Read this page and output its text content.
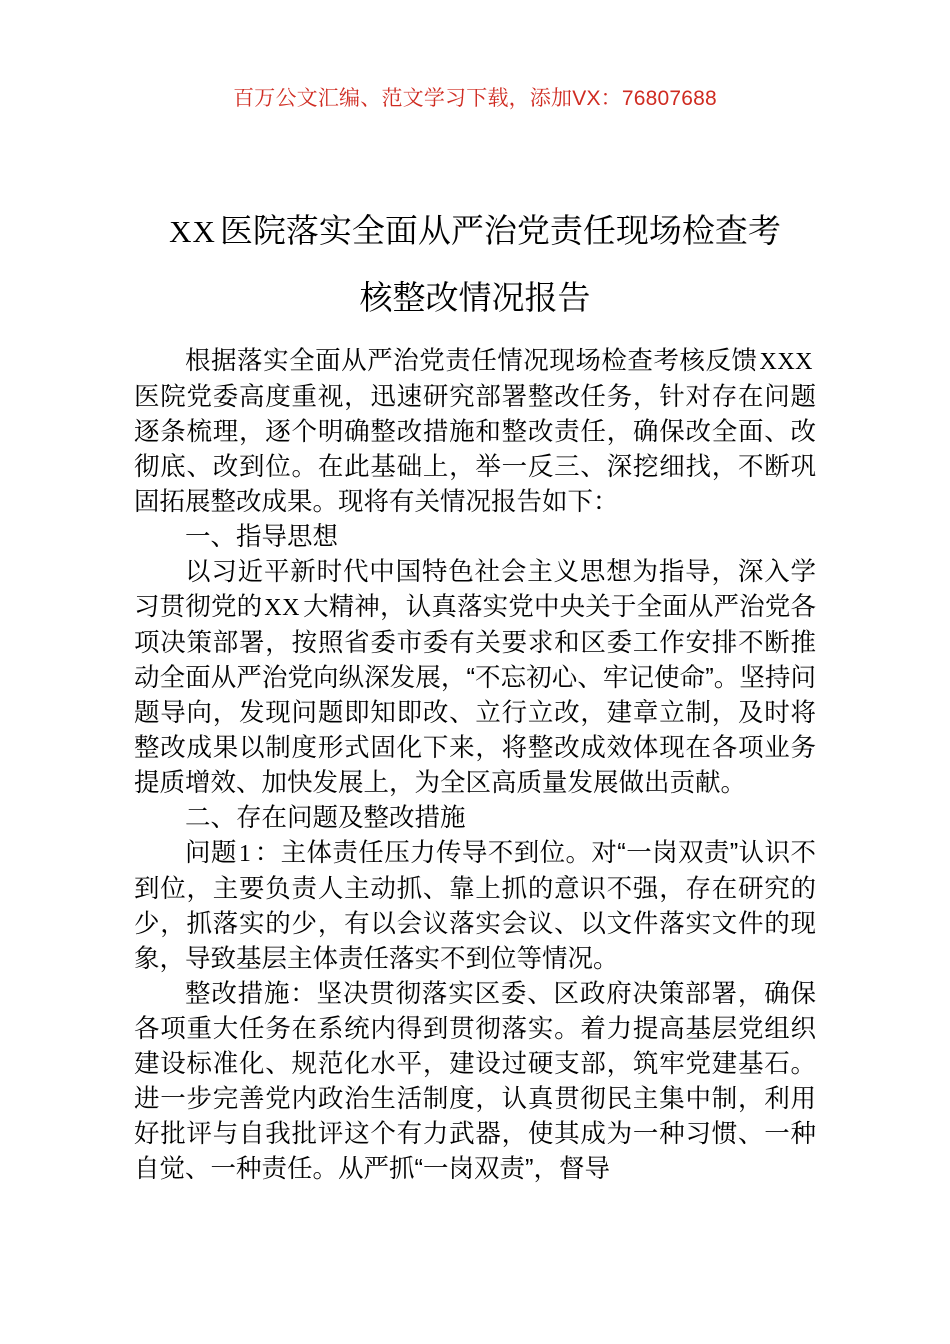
百万公文汇编、范文学习下载，添加VX：76807688
XX 医院落实全面从严治党责任现场检查考
核整改情况报告

根据落实全面从严治党责任情况现场检查考核反馈XXX医院党委高度重视，迅速研究部署整改任务，针对存在问题逐条梳理，逐个明确整改措施和整改责任，确保改全面、改彻底、改到位。在此基础上，举一反三、深挖细找，不断巩固拓展整改成果。现将有关情况报告如下：

一、指导思想

以习近平新时代中国特色社会主义思想为指导，深入学习贯彻党的XX 大精神，认真落实党中央关于全面从严治党各项决策部署，按照省委市委有关要求和区委工作安排不断推动全面从严治党向纵深发展，“不忘初心、牢记使命”。坚持问题导向，发现问题即知即改、立行立改，建章立制，及时将整改成果以制度形式固化下来，将整改成效体现在各项业务提质增效、加快发展上，为全区高质量发展做出贡献。

二、存在问题及整改措施

问题1 ：主体责任压力传导不到位。对“一岗双责”认识不到位，主要负责人主动抓、靠上抓的意识不强，存在研究的少，抓落实的少，有以会议落实会议、以文件落实文件的现象，导致基层主体责任落实不到位等情况。

整改措施：坚决贯彻落实区委、区政府决策部署，确保各项重大任务在系统内得到贯彻落实。着力提高基层党组织建设标准化、规范化水平，建设过硬支部，筑牢党建基石。进一步完善党内政治生活制度，认真贯彻民主集中制，利用好批评与自我批评这个有力武器，使其成为一种习惯、一种自觉、一种责任。从严抓“一岗双责”，督导
